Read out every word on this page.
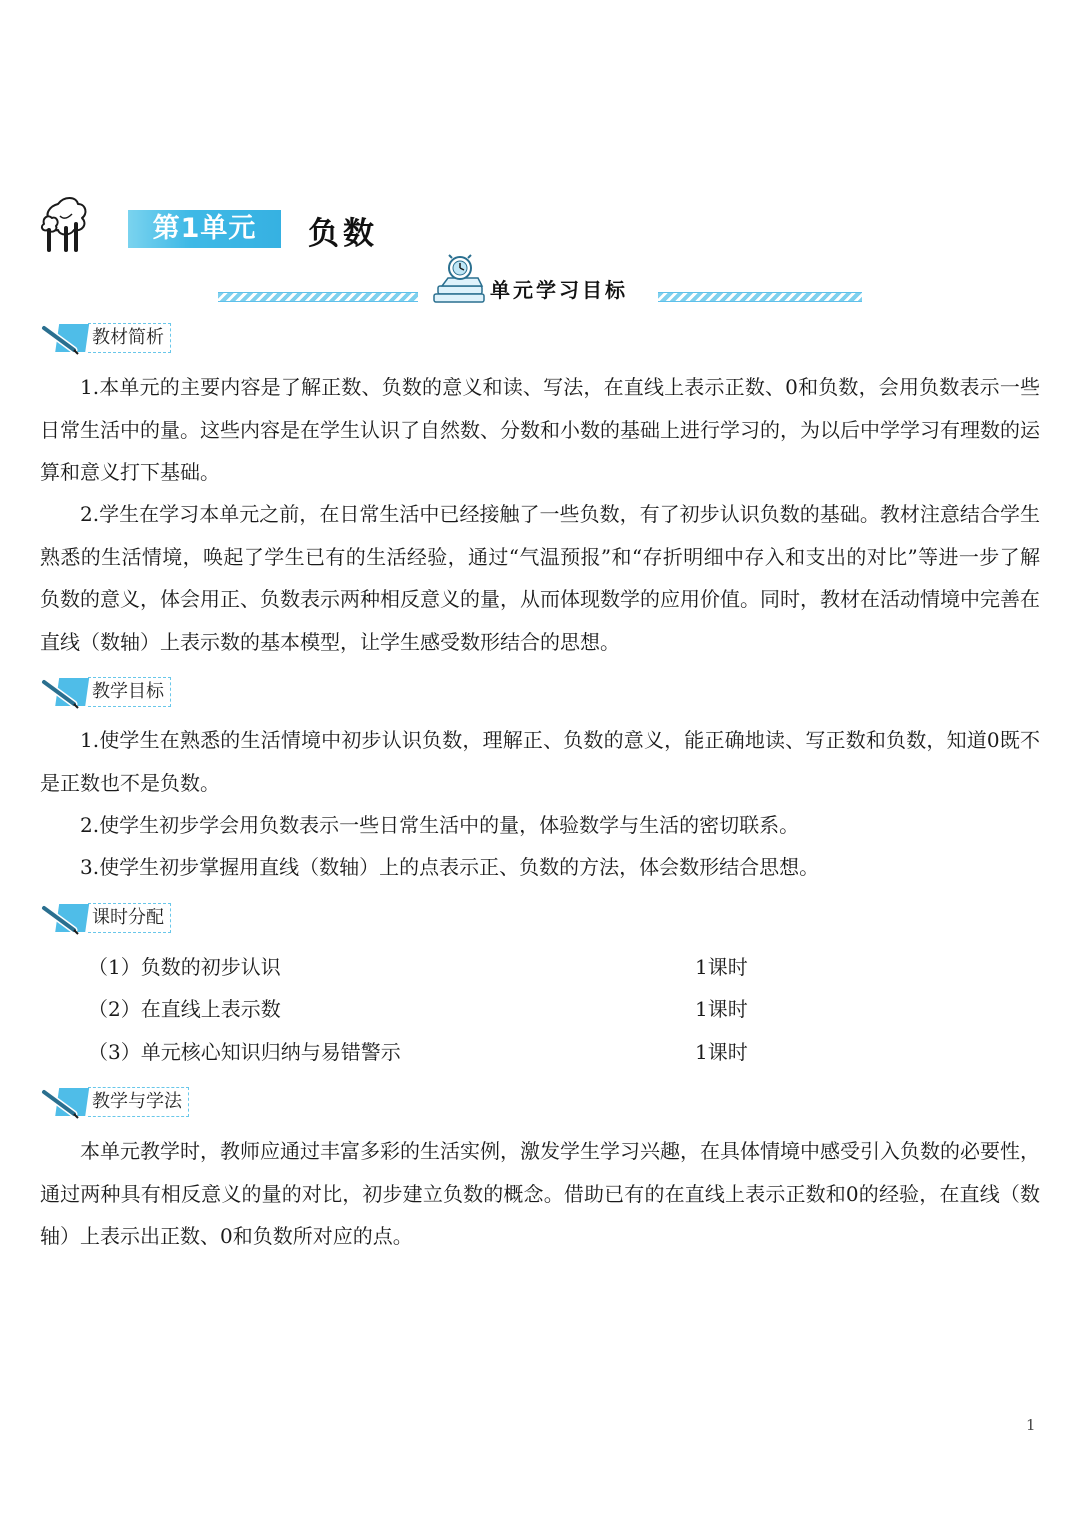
第1单元	负数
单元学习目标
教材简析

1.本单元的主要内容是了解正数、负数的意义和读、写法，在直线上表示正数、0和负数，会用负数表示一些日常生活中的量。这些内容是在学生认识了自然数、分数和小数的基础上进行学习的，为以后中学学习有理数的运算和意义打下基础。

2.学生在学习本单元之前，在日常生活中已经接触了一些负数，有了初步认识负数的基础。教材注意结合学生熟悉的生活情境，唤起了学生已有的生活经验，通过“气温预报”和“存折明细中存入和支出的对比”等进一步了解负数的意义，体会用正、负数表示两种相反意义的量，从而体现数学的应用价值。同时，教材在活动情境中完善在直线（数轴）上表示数的基本模型，让学生感受数形结合的思想。

教学目标

1.使学生在熟悉的生活情境中初步认识负数，理解正、负数的意义，能正确地读、写正数和负数，知道0既不是正数也不是负数。

2.使学生初步学会用负数表示一些日常生活中的量，体验数学与生活的密切联系。

3.使学生初步掌握用直线（数轴）上的点表示正、负数的方法，体会数形结合思想。

课时分配
（1）负数的初步认识	1课时
（2）在直线上表示数	1课时
（3）单元核心知识归纳与易错警示	1课时
教学与学法

本单元教学时，教师应通过丰富多彩的生活实例，激发学生学习兴趣，在具体情境中感受引入负数的必要性，通过两种具有相反意义的量的对比，初步建立负数的概念。借助已有的在直线上表示正数和0的经验，在直线（数轴）上表示出正数、0和负数所对应的点。

1
